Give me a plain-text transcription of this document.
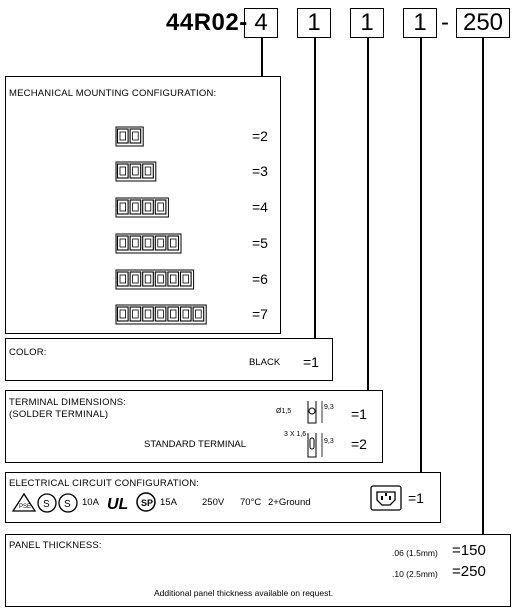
44R02- 4	1	1	1 - 250
MECHANICAL MOUNTING CONFIGURATION:
=2
=3
=4
=5
=6
=7
COLOR:
BLACK =1
TERMINAL DIMENSIONS:
(SOLDER TERMINAL)	Ø1,5
9,3 =1
STANDARD TERMINAL
3 X 1,6
9,3 =2
ELECTRICAL CIRCUIT CONFIGURATION:
PSE S S 10A UL SP 15A	250V 70°C 2+Ground	=1
PANEL THICKNESS:
.06 (1.5mm) =150
.10 (2.5mm) =250
Additional panel thickness available on request.
